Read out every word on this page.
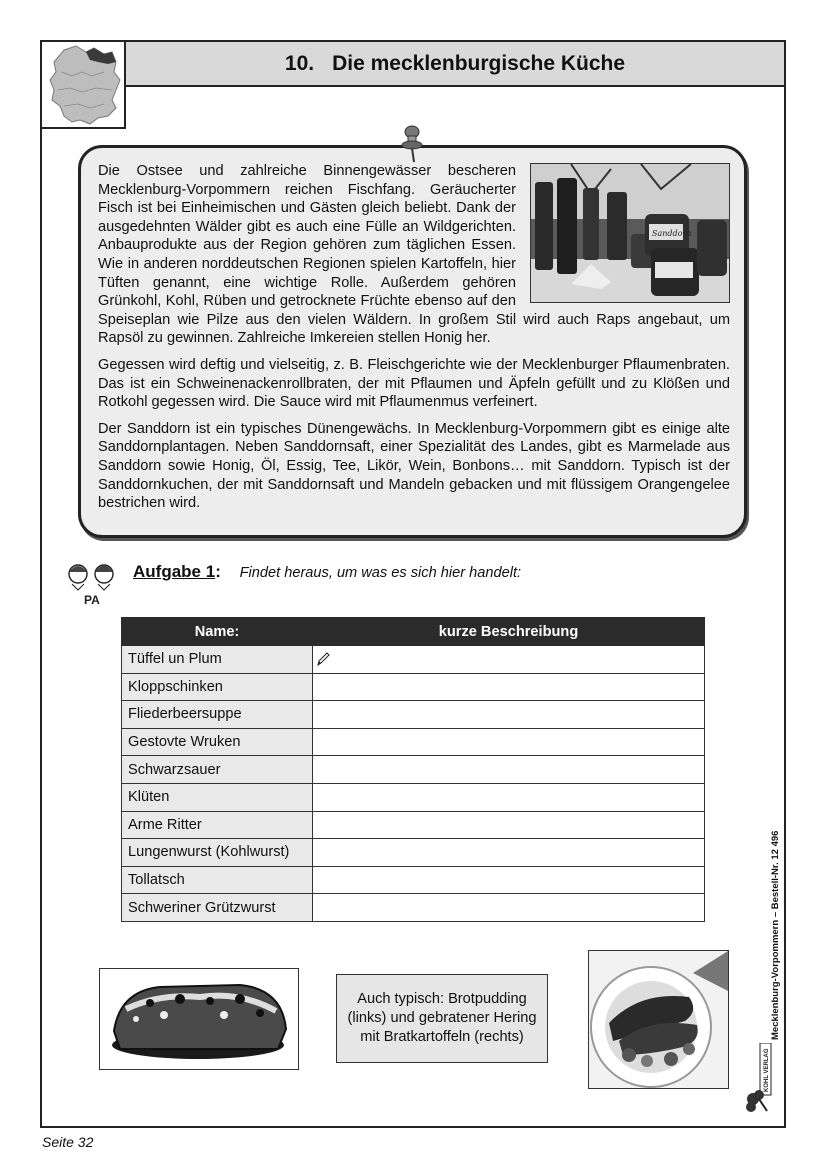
10. Die mecklenburgische Küche
Sanddorn

Die Ostsee und zahlreiche Binnengewässer bescheren Mecklenburg-Vorpommern reichen Fischfang. Geräucherter Fisch ist bei Einheimischen und Gästen gleich beliebt. Dank der ausgedehnten Wälder gibt es auch eine Fülle an Wildgerichten. Anbauprodukte aus der Region gehören zum täglichen Essen. Wie in anderen norddeutschen Regionen spielen Kartoffeln, hier Tüften genannt, eine wichtige Rolle. Außerdem gehören Grünkohl, Kohl, Rüben und getrocknete Früchte ebenso auf den Speiseplan wie Pilze aus den vielen Wäldern. In großem Stil wird auch Raps angebaut, um Rapsöl zu gewinnen. Zahlreiche Imkereien stellen Honig her.

Gegessen wird deftig und vielseitig, z. B. Fleischgerichte wie der Mecklenburger Pflaumenbraten. Das ist ein Schweinenackenrollbraten, der mit Pflaumen und Äpfeln gefüllt und zu Klößen und Rotkohl gegessen wird. Die Sauce wird mit Pflaumenmus verfeinert.

Der Sanddorn ist ein typisches Dünengewächs. In Mecklenburg-Vorpommern gibt es einige alte Sanddornplantagen. Neben Sanddornsaft, einer Spezialität des Landes, gibt es Marmelade aus Sanddorn sowie Honig, Öl, Essig, Tee, Likör, Wein, Bonbons… mit Sanddorn. Typisch ist der Sanddornkuchen, der mit Sanddornsaft und Mandeln gebacken und mit flüssigem Orangengelee bestrichen wird.

PA
Aufgabe 1: Findet heraus, um was es sich hier handelt:
Name:	kurze Beschreibung
Tüffel un Plum	
Kloppschinken	
Fliederbeersuppe	
Gestovte Wruken	
Schwarzsauer	
Klüten	
Arme Ritter	
Lungenwurst (Kohlwurst)	
Tollatsch	
Schweriner Grützwurst	
Auch typisch: Brotpudding (links) und gebratener Hering mit Bratkartoffeln (rechts)	Mecklenburg-Vorpommern – Bestell-Nr. 12 496
KOHL VERLAG
Seite 32
